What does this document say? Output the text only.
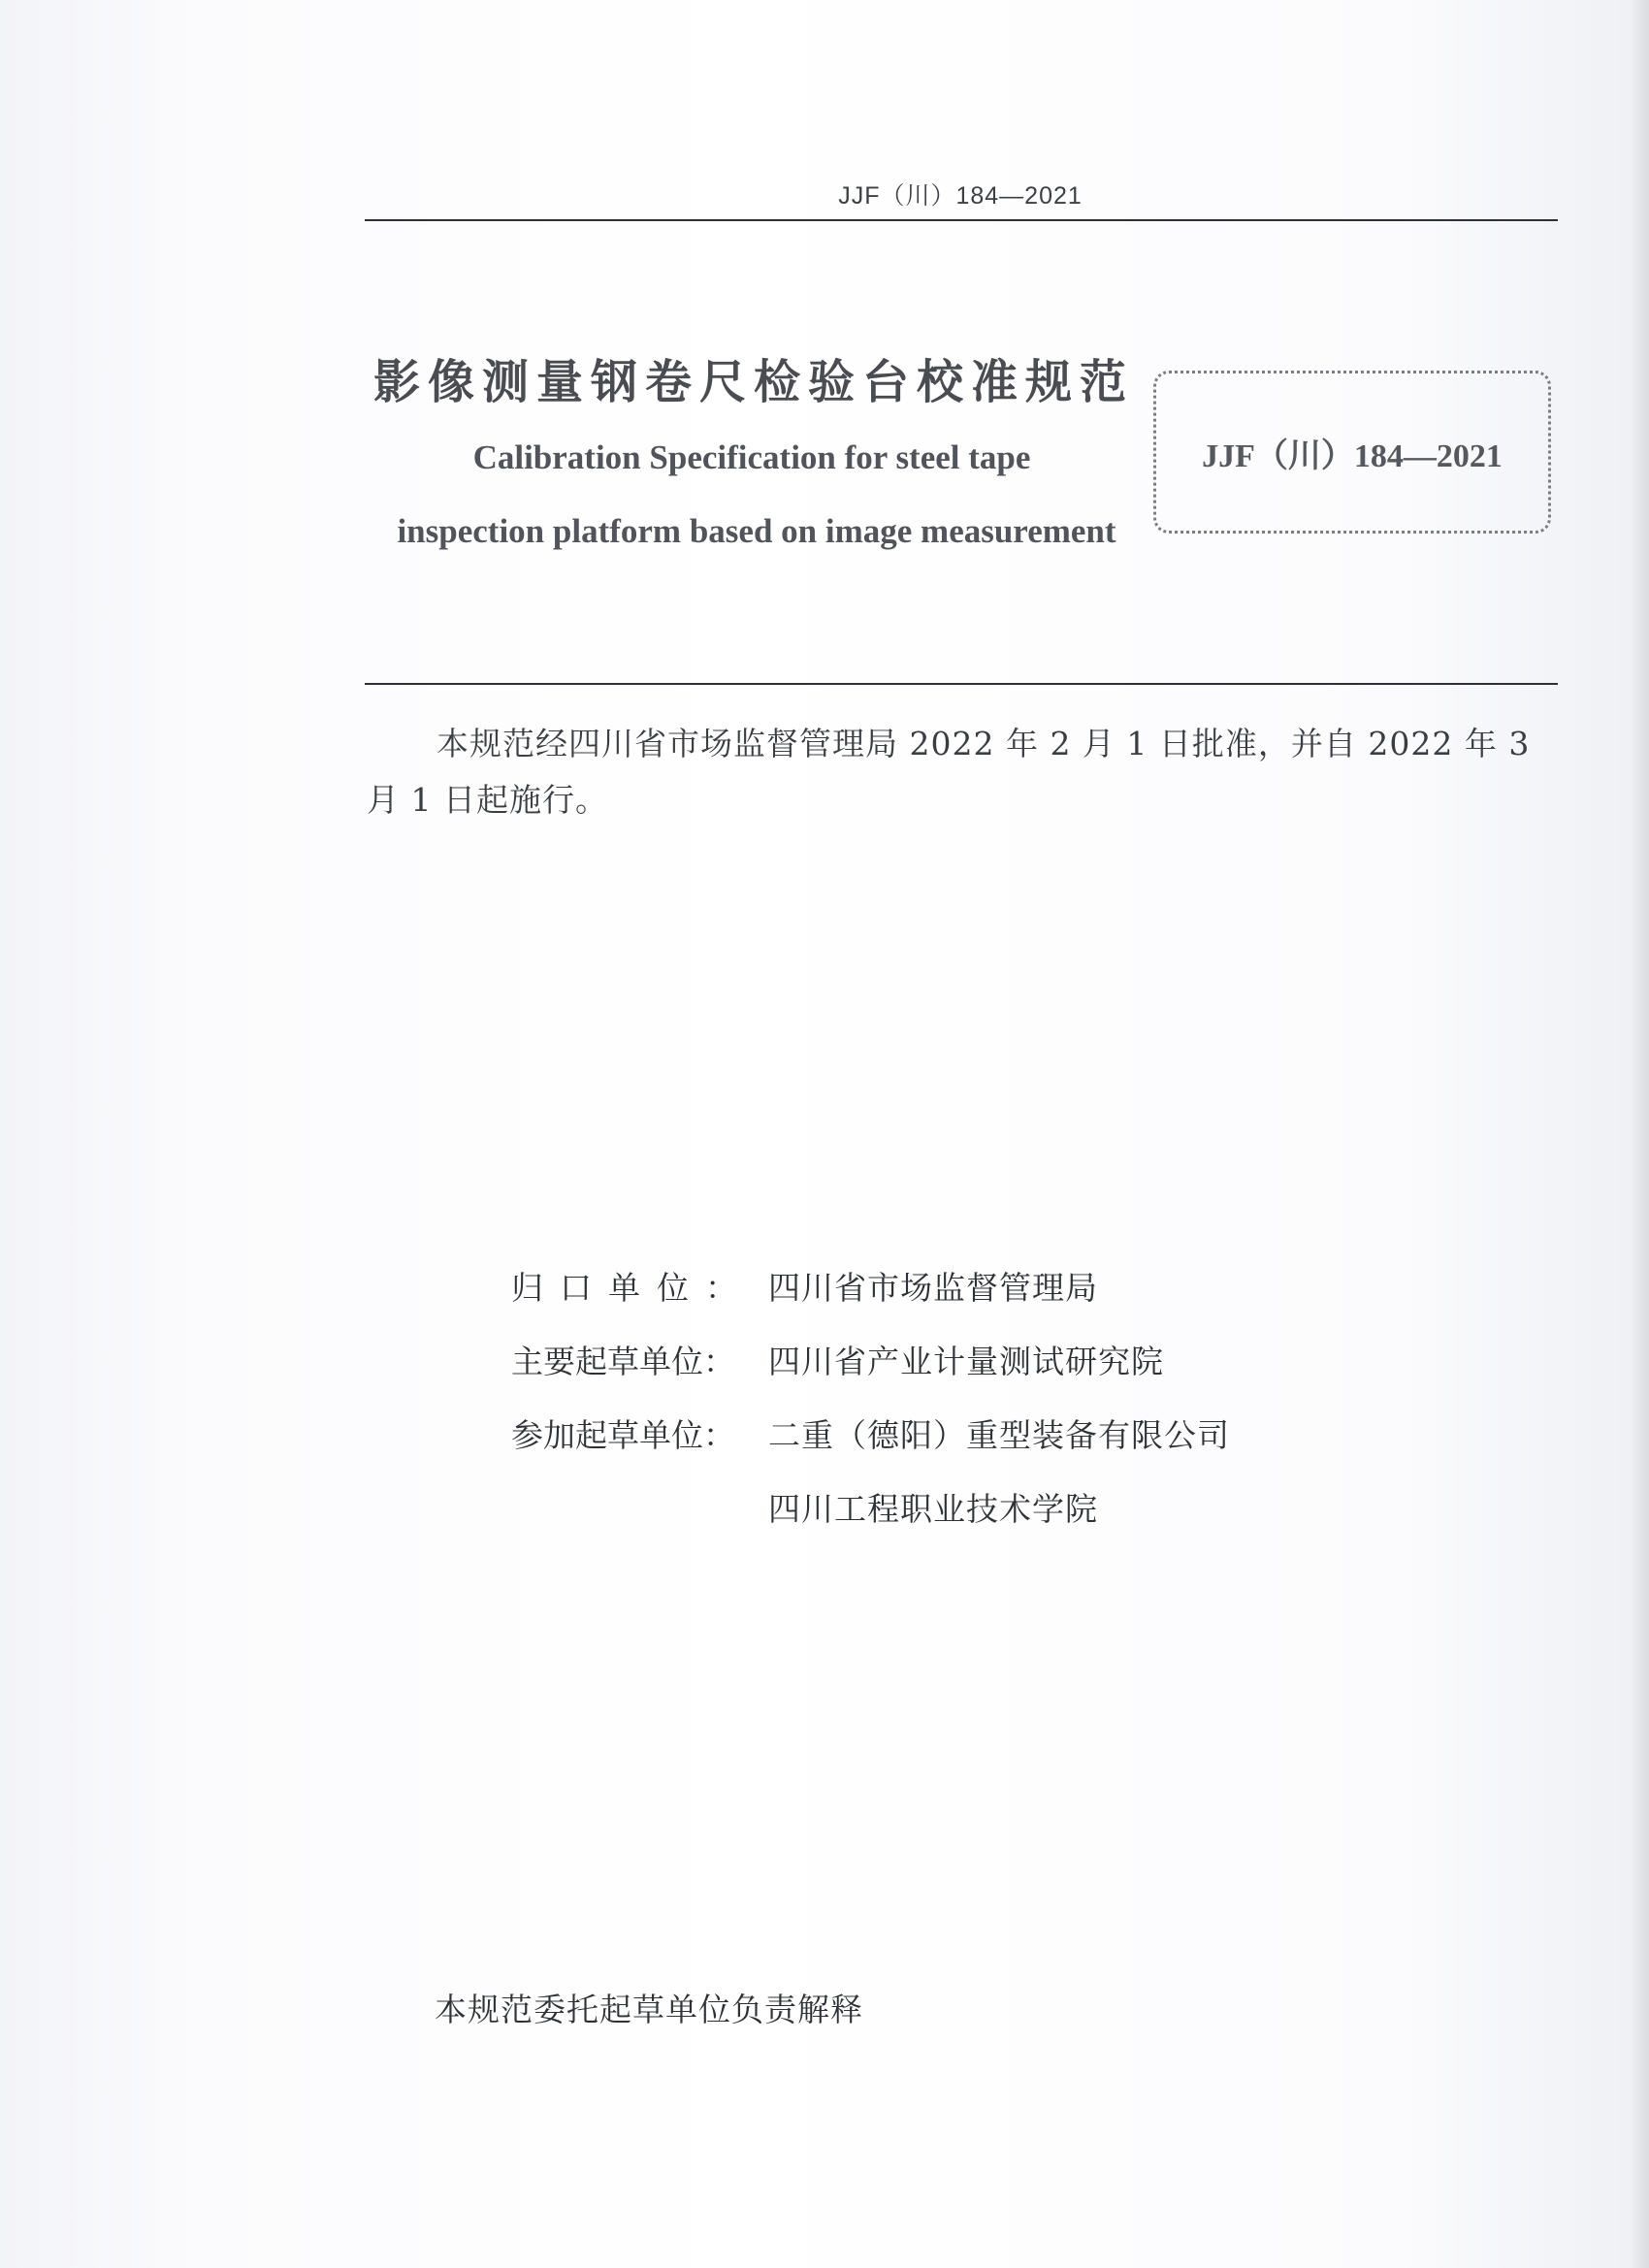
JJF（川）184—2021
影像测量钢卷尺检验台校准规范
Calibration Specification for steel tape
inspection platform based on image measurement
JJF（川）184—2021
本规范经四川省市场监督管理局 2022 年 2 月 1 日批准，并自 2022 年 3 月 1 日起施行。
归口单位： 四川省市场监督管理局
主要起草单位： 四川省产业计量测试研究院
参加起草单位： 二重（德阳）重型装备有限公司
四川工程职业技术学院
本规范委托起草单位负责解释
